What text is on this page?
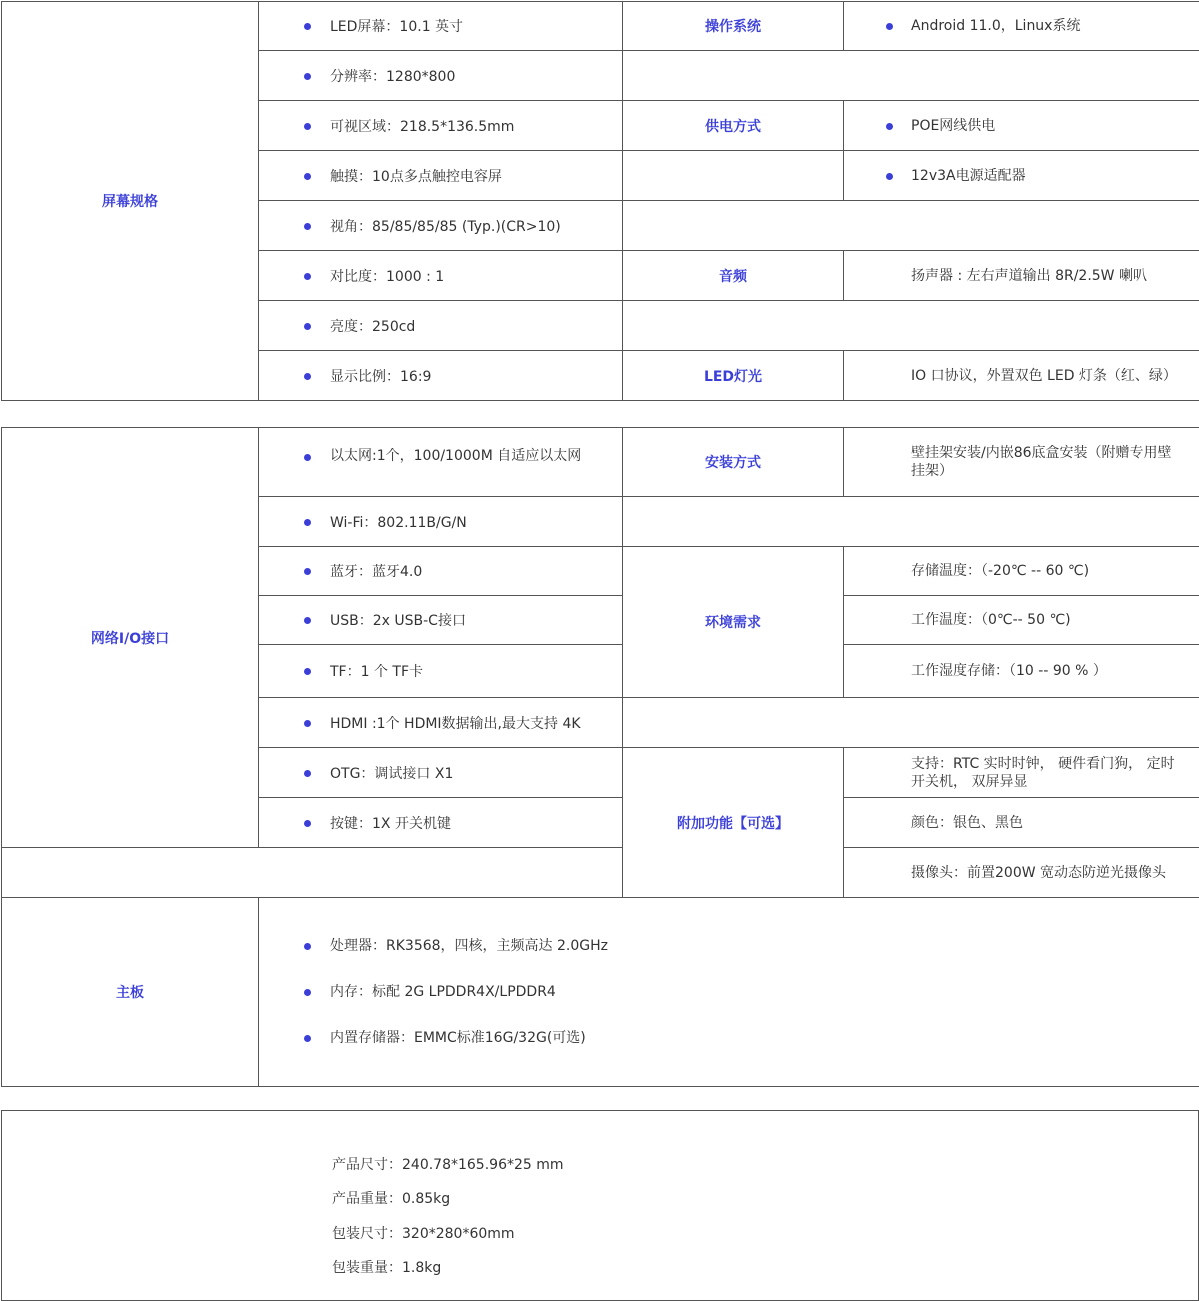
屏幕规格	LED屏幕：10.1 英寸	操作系统	Android 11.0，Linux系统

分辨率：1280*800		

可视区域：218.5*136.5mm	供电方式	POE网线供电

触摸：10点多点触控电容屏		12v3A电源适配器

视角：85/85/85/85 (Typ.)(CR>10)		

对比度：1000 : 1	音频	扬声器 : 左右声道输出 8R/2.5W 喇叭

亮度：250cd		

显示比例：16:9	LED灯光	IO 口协议，外置双色 LED 灯条（红、绿）
网络I/O接口	以太网:1个，100/1000M 自适应以太网	安装方式	壁挂架安装/内嵌86底盒安装（附赠专用壁挂架）

Wi-Fi：802.11B/G/N		

蓝牙：蓝牙4.0	环境需求	存储温度：（-20℃ -- 60 ℃)

USB：2x USB-C接口		工作温度：（0℃-- 50 ℃)

TF：1 个 TF卡		工作湿度存储：（10 -- 90 % ）

HDMI :1个 HDMI数据输出,最大支持 4K		

OTG：调试接口 X1	附加功能【可选】	支持：RTC 实时时钟， 硬件看门狗， 定时开关机， 双屏异显

按键：1X 开关机键		颜色：银色、黑色
			摄像头：前置200W 宽动态防逆光摄像头
主板	处理器：RK3568，四核，主频高达 2.0GHz
内存：标配 2G LPDDR4X/LPDDR4
内置存储器：EMMC标准16G/32G(可选)		
产品尺寸：240.78*165.96*25 mm
产品重量：0.85kg
包装尺寸：320*280*60mm
包装重量：1.8kg
